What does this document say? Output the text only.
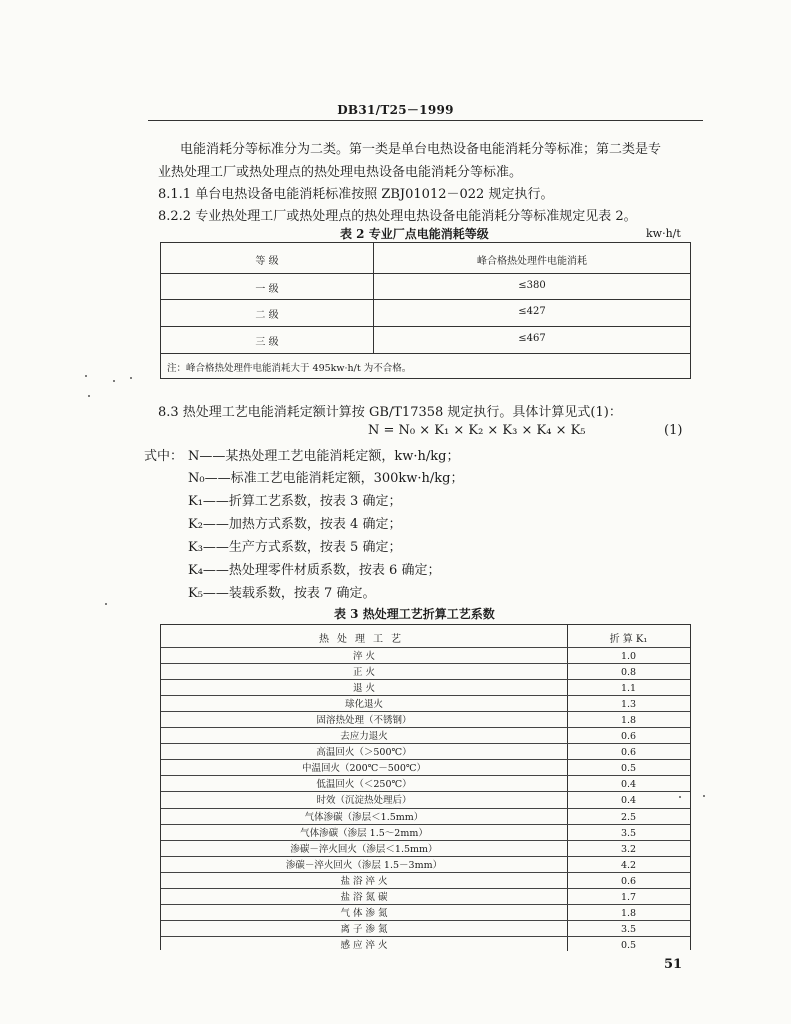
DB31/T25－1999
电能消耗分等标准分为二类。第一类是单台电热设备电能消耗分等标准；第二类是专
业热处理工厂或热处理点的热处理电热设备电能消耗分等标准。
8.1.1 单台电热设备电能消耗标准按照 ZBJ01012－022 规定执行。
8.2.2 专业热处理工厂或热处理点的热处理电热设备电能消耗分等标准规定见表 2。
表 2 专业厂点电能消耗等级	kw·h/t
等 级	峰合格热处理件电能消耗
一 级	≤380
二 级	≤427
三 级	≤467
注：峰合格热处理件电能消耗大于 495kw·h/t 为不合格。
8.3 热处理工艺电能消耗定额计算按 GB/T17358 规定执行。具体计算见式(1)：
N = N₀ × K₁ × K₂ × K₃ × K₄ × K₅	(1)
式中： N——某热处理工艺电能消耗定额，kw·h/kg；
N₀——标准工艺电能消耗定额，300kw·h/kg；
K₁——折算工艺系数，按表 3 确定；
K₂——加热方式系数，按表 4 确定；
K₃——生产方式系数，按表 5 确定；
K₄——热处理零件材质系数，按表 6 确定；
K₅——装载系数，按表 7 确定。
表 3 热处理工艺折算工艺系数
热处理工艺	折 算 K₁
淬 火	1.0
正 火	0.8
退 火	1.1
球化退火	1.3
固溶热处理（不锈钢）	1.8
去应力退火	0.6
高温回火（＞500℃）	0.6
中温回火（200℃－500℃）	0.5
低温回火（＜250℃）	0.4
时效（沉淀热处理后）	0.4
气体渗碳（渗层＜1.5mm）	2.5
气体渗碳（渗层 1.5～2mm）	3.5
渗碳－淬火回火（渗层＜1.5mm）	3.2
渗碳－淬火回火（渗层 1.5－3mm）	4.2
盐 浴 淬 火	0.6
盐 浴 氮 碳	1.7
气 体 渗 氮	1.8
离 子 渗 氮	3.5
感 应 淬 火	0.5
51
